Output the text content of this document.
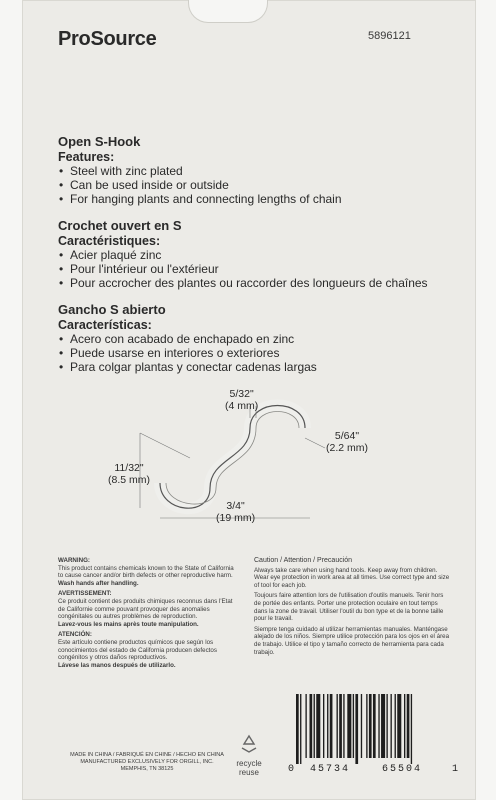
ProSource	5896121
Open S-Hook
Features:
• Steel with zinc plated
• Can be used inside or outside
• For hanging plants and connecting lengths of chain
Crochet ouvert en S
Caractéristiques:
• Acier plaqué zinc
• Pour l'intérieur ou l'extérieur
• Pour accrocher des plantes ou raccorder des longueurs de chaînes
Gancho S abierto
Características:
• Acero con acabado de enchapado en zinc
• Puede usarse en interiores o exteriores
• Para colgar plantas y conectar cadenas largas
5/32"
(4 mm)
5/64"
(2.2 mm)
11/32"
(8.5 mm)
3/4"
(19 mm)
WARNING:
This product contains chemicals known to the State of California to cause cancer and/or birth defects or other reproductive harm.
Wash hands after handling.
AVERTISSEMENT:
Ce produit contient des produits chimiques reconnus dans l'Etat de Californie comme pouvant provoquer des anomalies congénitales ou autres problèmes de reproduction.
Lavez-vous les mains après toute manipulation.
ATENCIÓN:
Este artículo contiene productos químicos que según los conocimientos del estado de California producen defectos congénitos y otros daños reproductivos.
Lávese las manos después de utilizarlo.
Caution / Attention / Precaución
Always take care when using hand tools. Keep away from children. Wear eye protection in work area at all times. Use correct type and size of tool for each job.
Toujours faire attention lors de l'utilisation d'outils manuels. Tenir hors de portée des enfants. Porter une protection oculaire en tout temps dans la zone de travail. Utiliser l'outil du bon type et de la bonne taille pour le travail.
Siempre tenga cuidado al utilizar herramientas manuales. Manténgase alejado de los niños. Siempre utilice protección para los ojos en el área de trabajo. Utilice el tipo y tamaño correcto de herramienta para cada trabajo.
MADE IN CHINA / FABRIQUÉ EN CHINE / HECHO EN CHINA
MANUFACTURED EXCLUSIVELY FOR ORGILL, INC.
MEMPHIS, TN 38125
recycle
reuse	0 45734	65504	1
